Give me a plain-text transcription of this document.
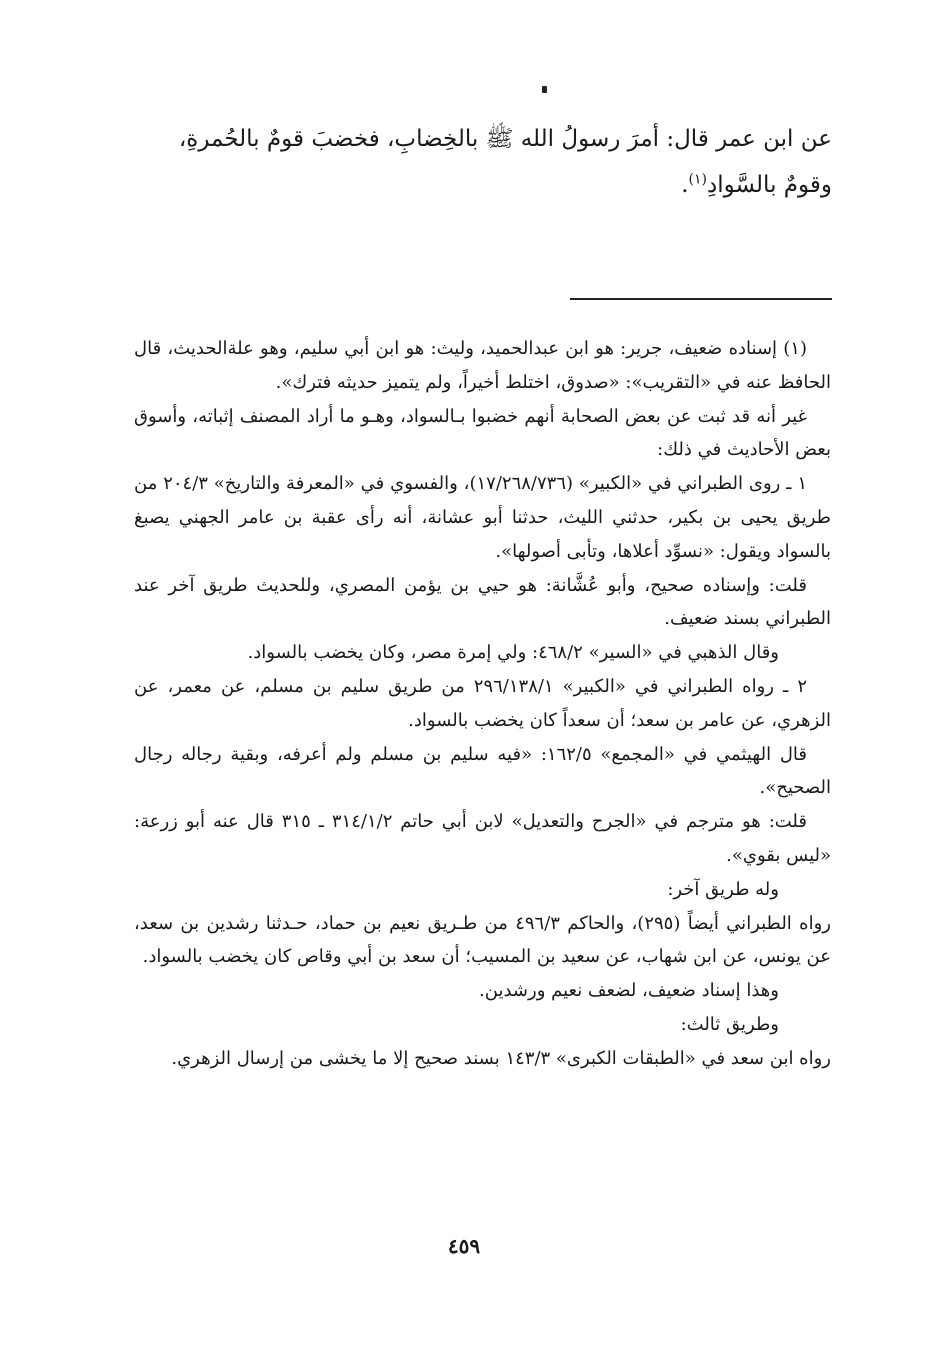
عن ابن عمر قال: أمرَ رسولُ الله ﷺ بالخِضابِ، فخضبَ قومٌ بالحُمرةِ،

وقومٌ بالسَّوادِ$^{(١)}$.

(١) إسناده ضعيف، جرير: هو ابن عبدالحميد، وليث: هو ابن أبي سليم، وهو علةالحديث، قال الحافظ عنه في «التقريب»: «صدوق، اختلط أخيراً، ولم يتميز حديثه فترك».

غير أنه قد ثبت عن بعض الصحابة أنهم خضبوا بـالسواد، وهـو ما أراد المصنف إثباته، وأسوق بعض الأحاديث في ذلك:

١ ـ روى الطبراني في «الكبير» (١٧/٢٦٨/٧٣٦)، والفسوي في «المعرفة والتاريخ» ٢٠٤/٣ من طريق يحيى بن بكير، حدثني الليث، حدثنا أبو عشانة، أنه رأى عقبة بن عامر الجهني يصبغ بالسواد ويقول: «نسوِّد أعلاها، وتأبى أصولها».

قلت: وإسناده صحيح، وأبو عُشَّانة: هو حيي بن يؤمن المصري، وللحديث طريق آخر عند الطبراني بسند ضعيف.

وقال الذهبي في «السير» ٤٦٨/٢: ولي إمرة مصر، وكان يخضب بالسواد.

٢ ـ رواه الطبراني في «الكبير» ٢٩٦/١٣٨/١ من طريق سليم بن مسلم، عن معمر، عن الزهري، عن عامر بن سعد؛ أن سعداً كان يخضب بالسواد.

قال الهيثمي في «المجمع» ١٦٢/٥: «فيه سليم بن مسلم ولم أعرفه، وبقية رجاله رجال الصحيح».

قلت: هو مترجم في «الجرح والتعديل» لابن أبي حاتم ٣١٤/١/٢ ـ ٣١٥ قال عنه أبو زرعة: «ليس بقوي».

وله طريق آخر:

رواه الطبراني أيضاً (٢٩٥)، والحاكم ٤٩٦/٣ من طـريق نعيم بن حماد، حـدثنا رشدين بن سعد، عن يونس، عن ابن شهاب، عن سعيد بن المسيب؛ أن سعد بن أبي وقاص كان يخضب بالسواد.

وهذا إسناد ضعيف، لضعف نعيم ورشدين.

وطريق ثالث:

رواه ابن سعد في «الطبقات الكبرى» ١٤٣/٣ بسند صحيح إلا ما يخشى من إرسال الزهري.

٤٥٩
